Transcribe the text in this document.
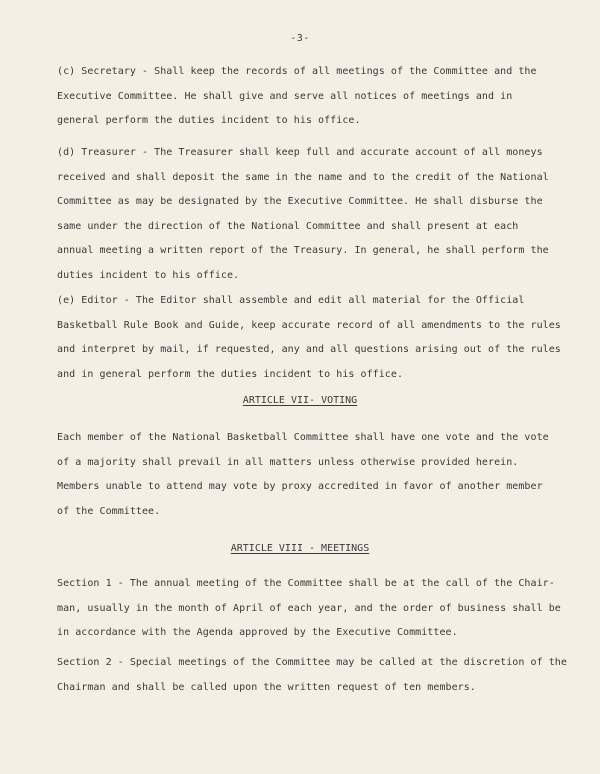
-3-
(c) Secretary - Shall keep the records of all meetings of the Committee and the
Executive Committee. He shall give and serve all notices of meetings and in
general perform the duties incident to his office.
(d) Treasurer - The Treasurer shall keep full and accurate account of all moneys
received and shall deposit the same in the name and to the credit of the National
Committee as may be designated by the Executive Committee. He shall disburse the
same under the direction of the National Committee and shall present at each
annual meeting a written report of the Treasury. In general, he shall perform the
duties incident to his office.
(e) Editor - The Editor shall assemble and edit all material for the Official
Basketball Rule Book and Guide, keep accurate record of all amendments to the rules
and interpret by mail, if requested, any and all questions arising out of the rules
and in general perform the duties incident to his office.
ARTICLE VII- VOTING
Each member of the National Basketball Committee shall have one vote and the vote
of a majority shall prevail in all matters unless otherwise provided herein.
Members unable to attend may vote by proxy accredited in favor of another member
of the Committee.
ARTICLE VIII - MEETINGS
Section 1 - The annual meeting of the Committee shall be at the call of the Chair-
man, usually in the month of April of each year, and the order of business shall be
in accordance with the Agenda approved by the Executive Committee.
Section 2 - Special meetings of the Committee may be called at the discretion of the
Chairman and shall be called upon the written request of ten members.
